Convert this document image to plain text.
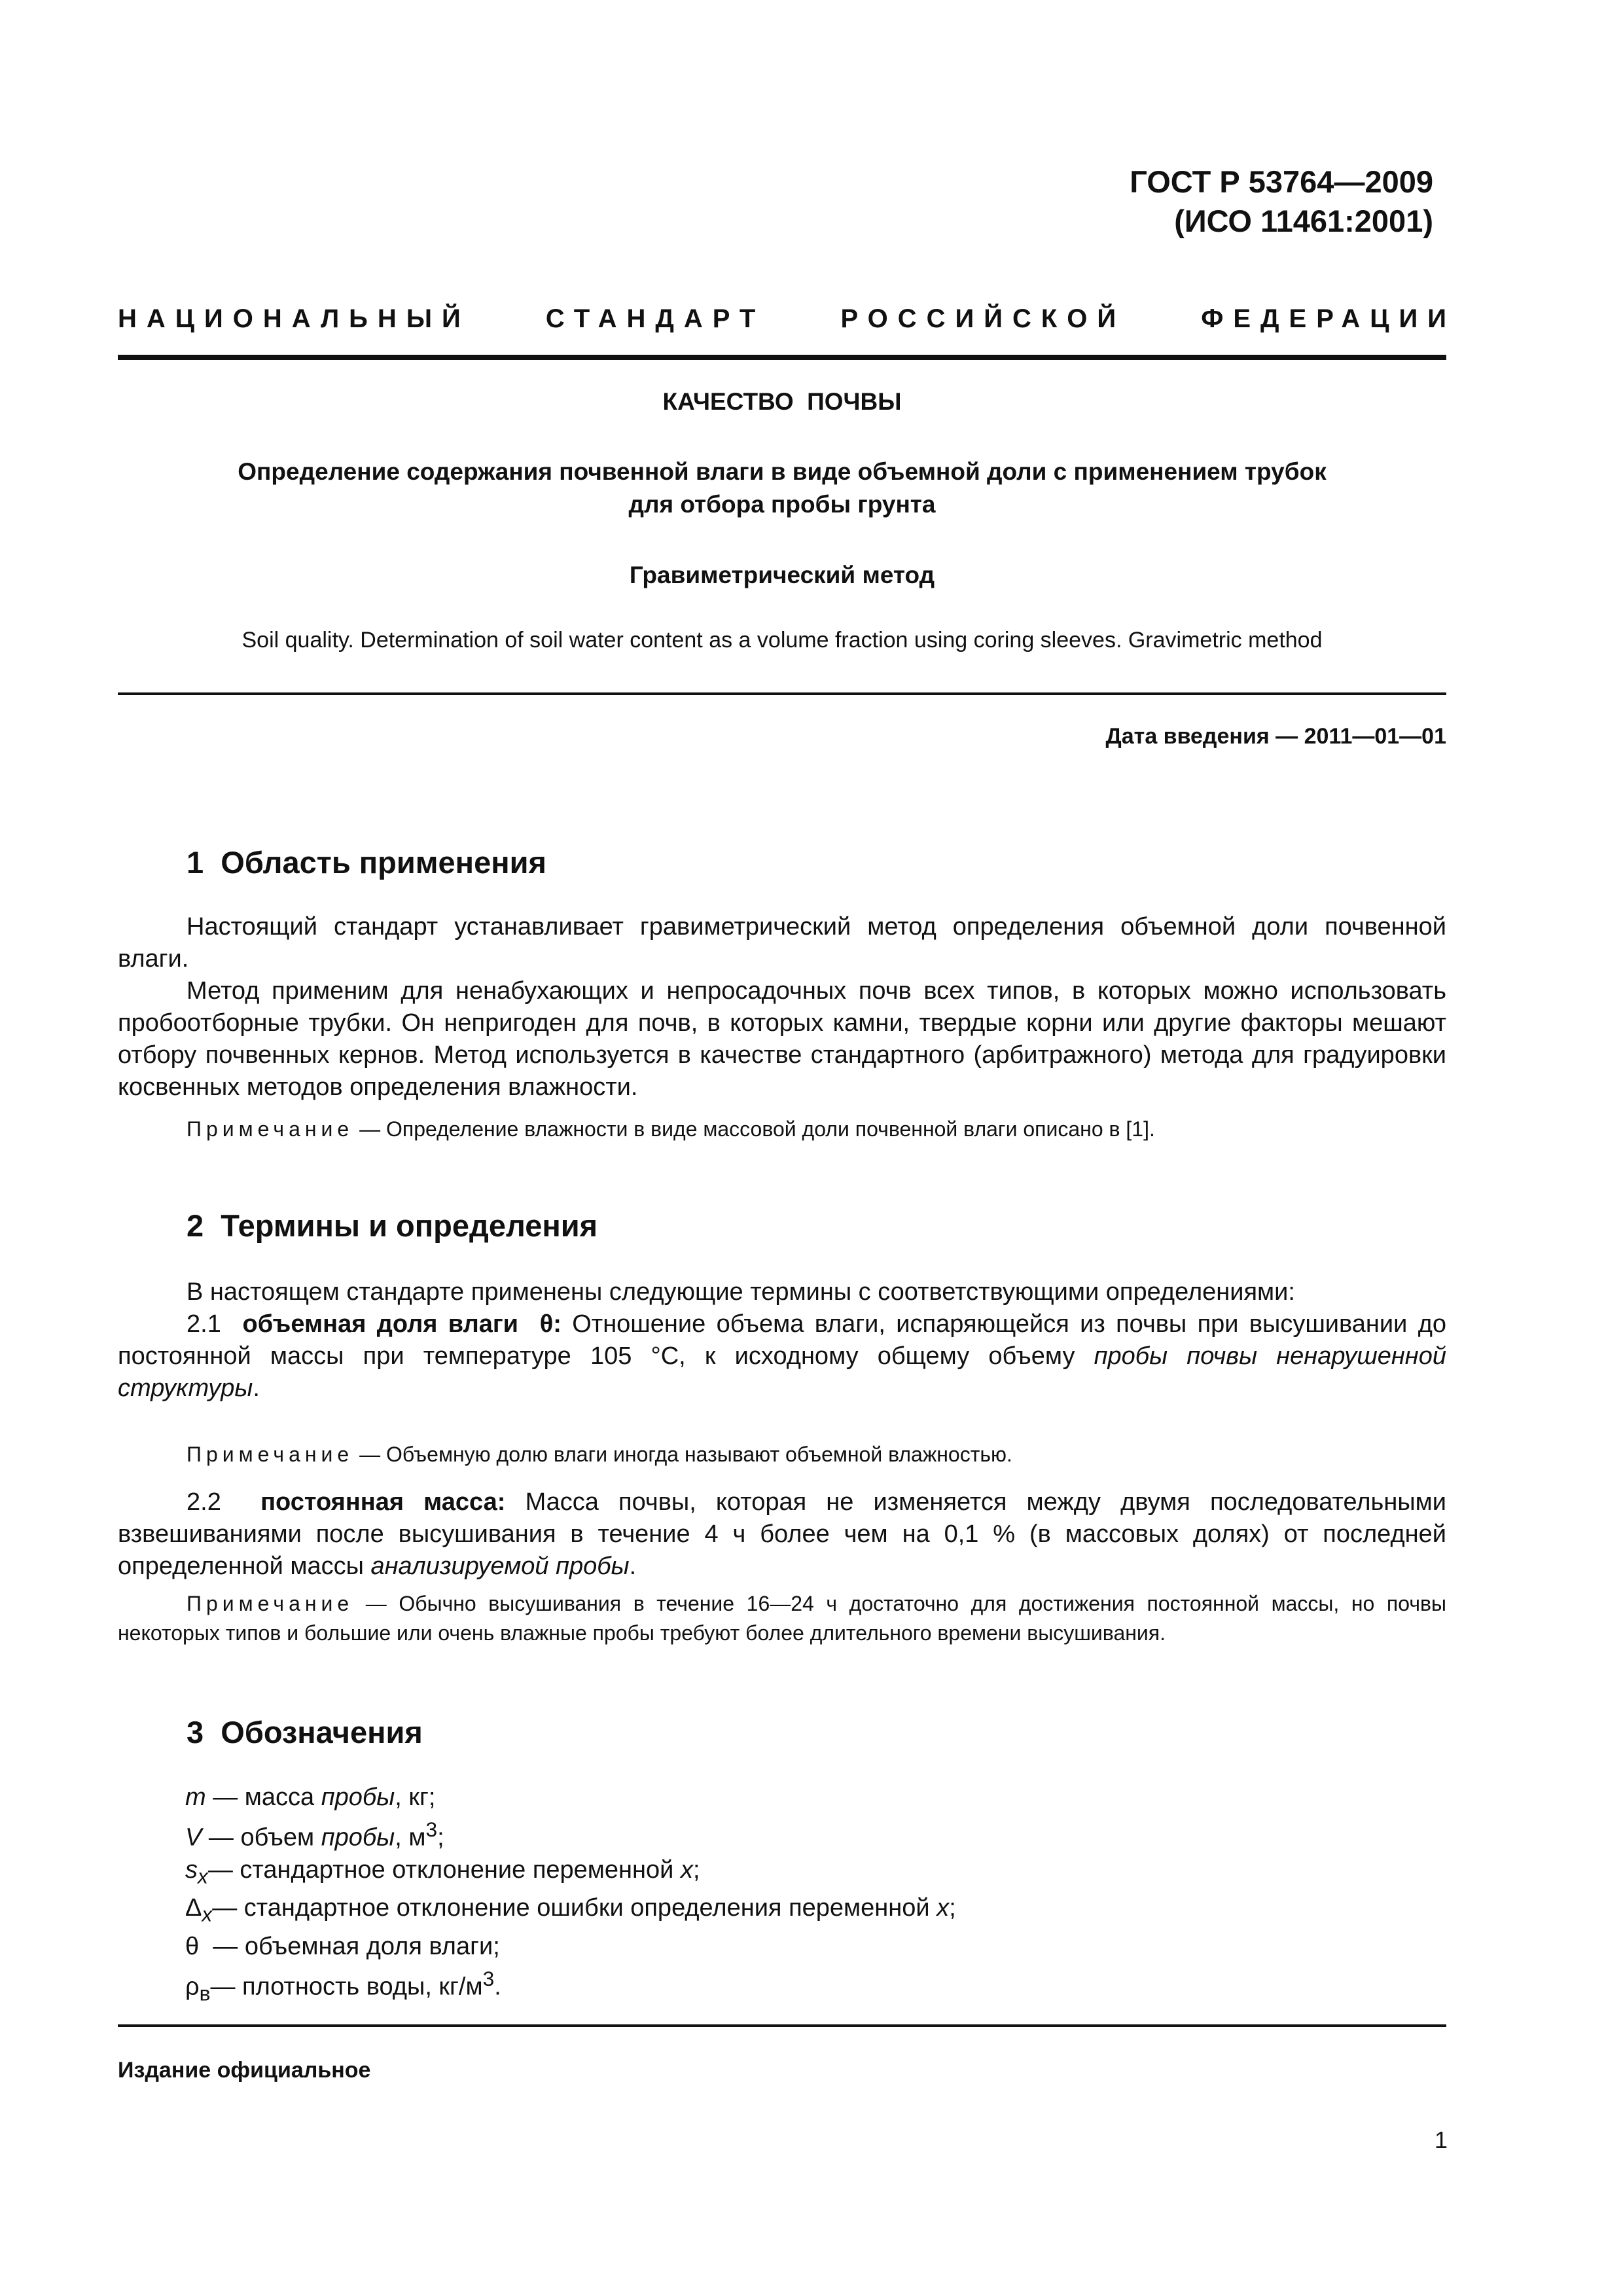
ГОСТ Р 53764—2009
(ИСО 11461:2001)
НАЦИОНАЛЬНЫЙ	СТАНДАРТ	РОССИЙСКОЙ	ФЕДЕРАЦИИ
КАЧЕСТВО  ПОЧВЫ
Определение содержания почвенной влаги в виде объемной доли с применением трубок
для отбора пробы грунта
Гравиметрический метод
Soil quality. Determination of soil water content as a volume fraction using coring sleeves. Gravimetric method
Дата введения — 2011—01—01
1  Область применения

Настоящий стандарт устанавливает гравиметрический метод определения объемной доли почвенной влаги.

Метод применим для ненабухающих и непросадочных почв всех типов, в которых можно использовать пробоотборные трубки. Он непригоден для почв, в которых камни, твердые корни или другие факторы мешают отбору почвенных кернов. Метод используется в качестве стандартного (арбитражного) метода для градуировки косвенных методов определения влажности.

Примечание — Определение влажности в виде массовой доли почвенной влаги описано в [1].

2  Термины и определения

В настоящем стандарте применены следующие термины с соответствующими определениями:

2.1 объемная доля влаги θ: Отношение объема влаги, испаряющейся из почвы при высушивании до постоянной массы при температуре 105 °С, к исходному общему объему пробы почвы ненарушенной структуры.

Примечание — Объемную долю влаги иногда называют объемной влажностью.

2.2 постоянная масса: Масса почвы, которая не изменяется между двумя последовательными взвешиваниями после высушивания в течение 4 ч более чем на 0,1 % (в массовых долях) от последней определенной массы анализируемой пробы.

Примечание — Обычно высушивания в течение 16—24 ч достаточно для достижения постоянной массы, но почвы некоторых типов и большие или очень влажные пробы требуют более длительного времени высушивания.

3  Обозначения
m — масса пробы, кг;
V — объем пробы, $м^3$;
$s_x—$ стандартное отклонение переменной x;
$\Delta_x—$ стандартное отклонение ошибки определения переменной x;
θ  — объемная доля влаги;
$\rho_в—$ плотность воды, $кг/м^3$.
Издание официальное
1
